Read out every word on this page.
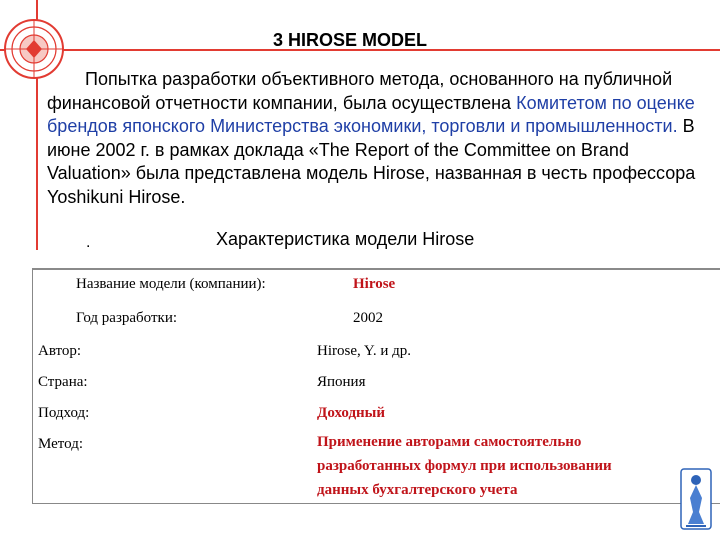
3 HIROSE MODEL

Попытка разработки объективного метода, основанного на публичной финансовой отчетности компании, была осуществлена Комитетом по оценке брендов японского Министерства экономики, торговли и промышленности. В июне 2002 г. в рамках доклада «The Report of the Committee on Brand Valuation» была представлена модель Hirose, названная в честь профессора Yoshikuni Hirose.

.	Характеристика модели Hirose
Название модели (компании):	Hirose
Год разработки:	2002
Автор:	Hirose, Y. и др.
Страна:	Япония
Подход:	Доходный
Метод:	Применение авторами самостоятельно
разработанных формул при использовании
данных бухгалтерского учета
